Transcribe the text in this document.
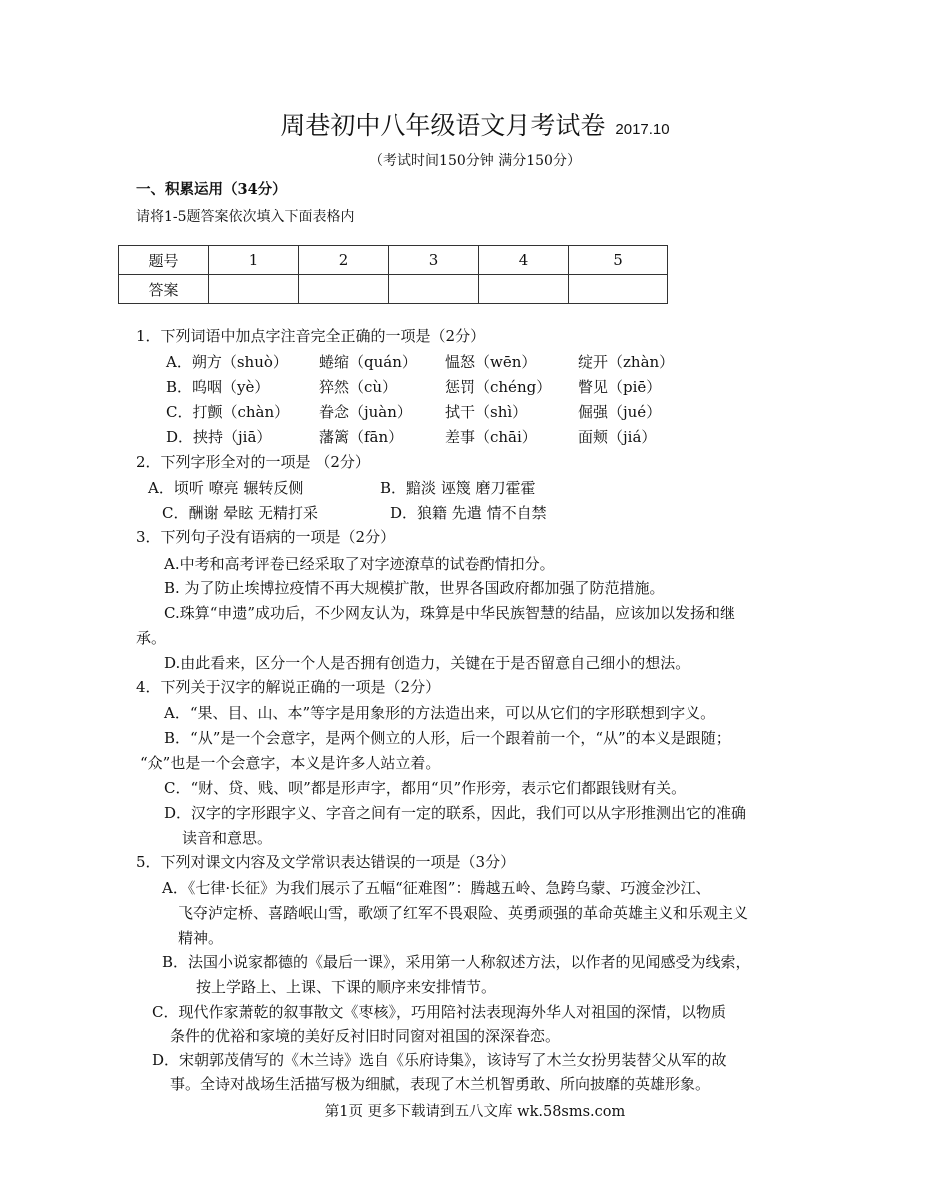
周巷初中八年级语文月考试卷 2017.10
（考试时间150分钟 满分150分）
一、积累运用（34分）
请将1-5题答案依次填入下面表格内
题号	1	2	3	4	5
答案					
1．下列词语中加点字注音完全正确的一项是（2分）
A．朔方（shuò） 蜷缩（quán） 愠怒（wēn）	绽开（zhàn）
B．呜咽（yè）	猝然（cù）	惩罚（chéng） 瞥见（piē）
C．打颤（chàn） 眷念（juàn） 拭干（shì）	倔强（jué）
D．挟持（jiā）	藩篱（fān）	差事（chāi）	面颊（jiá）
2．下列字形全对的一项是 （2分）
A．顷听 嘹亮 辗转反侧	B．黯淡 诬篾 磨刀霍霍
C．酬谢 晕眩 无精打采	D．狼籍 先遣 情不自禁
3．下列句子没有语病的一项是（2分）
A.中考和高考评卷已经采取了对字迹潦草的试卷酌情扣分。
B. 为了防止埃博拉疫情不再大规模扩散，世界各国政府都加强了防范措施。
C.珠算“申遗”成功后，不少网友认为，珠算是中华民族智慧的结晶，应该加以发扬和继
承。
D.由此看来，区分一个人是否拥有创造力，关键在于是否留意自己细小的想法。
4．下列关于汉字的解说正确的一项是（2分）
A．“果、目、山、本”等字是用象形的方法造出来，可以从它们的字形联想到字义。
B．“从”是一个会意字，是两个侧立的人形，后一个跟着前一个，“从”的本义是跟随；
“众”也是一个会意字，本义是许多人站立着。
C．“财、贷、贱、呗”都是形声字，都用“贝”作形旁，表示它们都跟钱财有关。
D．汉字的字形跟字义、字音之间有一定的联系，因此，我们可以从字形推测出它的准确
读音和意思。
5．下列对课文内容及文学常识表达错误的一项是（3分）
A．《七律·长征》为我们展示了五幅“征难图”：腾越五岭、急跨乌蒙、巧渡金沙江、
飞夺泸定桥、喜踏岷山雪，歌颂了红军不畏艰险、英勇顽强的革命英雄主义和乐观主义
精神。
B．法国小说家都德的《最后一课》，采用第一人称叙述方法，以作者的见闻感受为线索，
按上学路上、上课、下课的顺序来安排情节。
C．现代作家萧乾的叙事散文《枣核》，巧用陪衬法表现海外华人对祖国的深情，以物质
条件的优裕和家境的美好反衬旧时同窗对祖国的深深眷恋。
D．宋朝郭茂倩写的《木兰诗》选自《乐府诗集》，该诗写了木兰女扮男装替父从军的故
事。全诗对战场生活描写极为细腻，表现了木兰机智勇敢、所向披靡的英雄形象。
第1页 更多下载请到五八文库 wk.58sms.com
